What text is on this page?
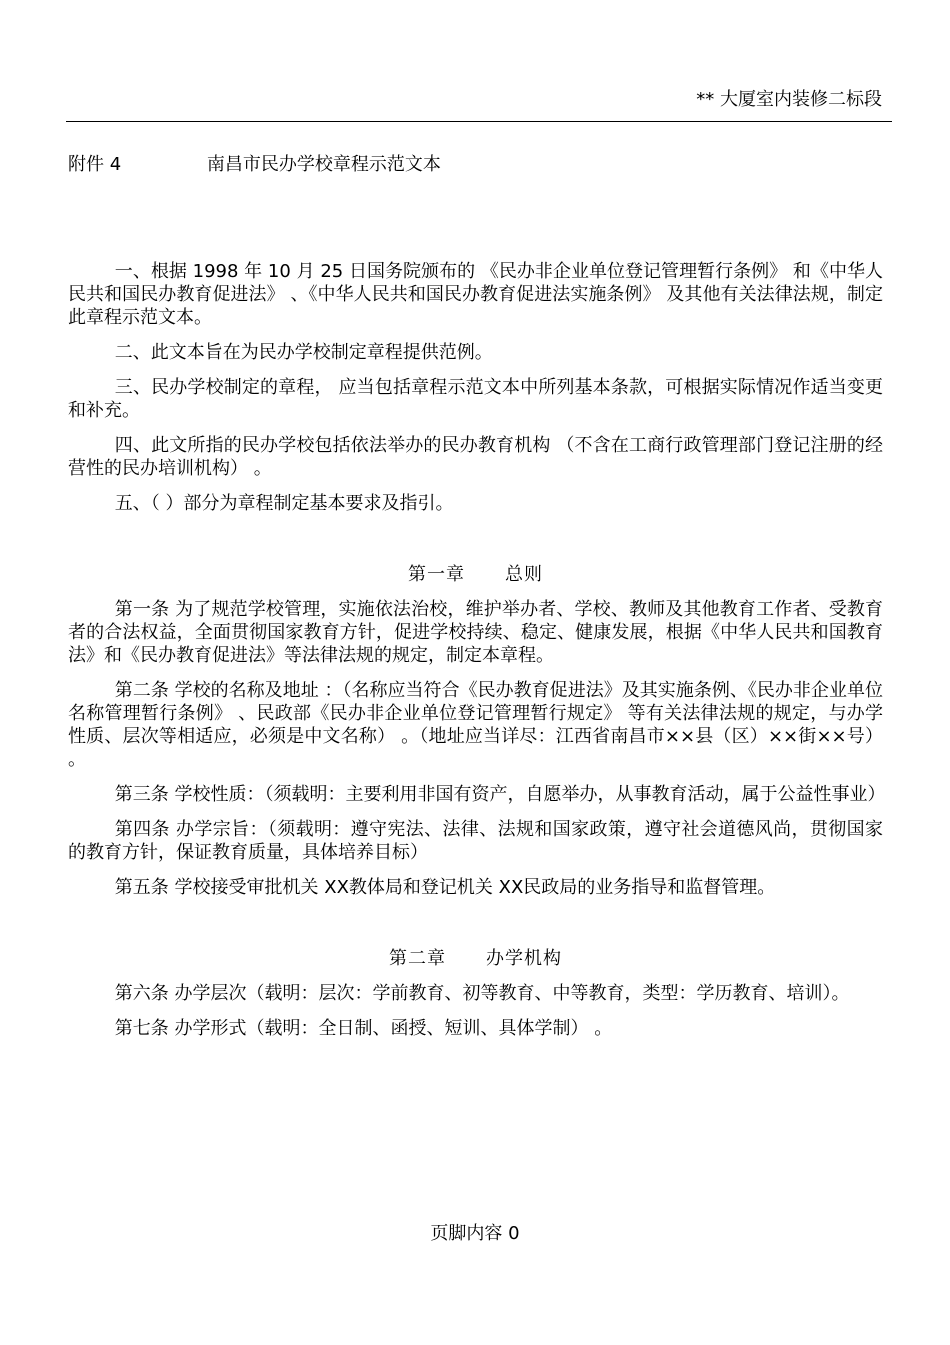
** 大厦室内装修二标段
附件 4	南昌市民办学校章程示范文本

一、根据 1998 年 10 月 25 日国务院颁布的 《民办非企业单位登记管理暂行条例》 和《中华人民共和国民办教育促进法》 、《中华人民共和国民办教育促进法实施条例》 及其他有关法律法规，制定此章程示范文本。

二、此文本旨在为民办学校制定章程提供范例。

三、民办学校制定的章程， 应当包括章程示范文本中所列基本条款，可根据实际情况作适当变更和补充。

四、此文所指的民办学校包括依法举办的民办教育机构 （不含在工商行政管理部门登记注册的经营性的民办培训机构） 。

五、（ ）部分为章程制定基本要求及指引。

第一章 总则

第一条 为了规范学校管理，实施依法治校，维护举办者、学校、教师及其他教育工作者、受教育者的合法权益，全面贯彻国家教育方针，促进学校持续、稳定、健康发展，根据《中华人民共和国教育法》和《民办教育促进法》等法律法规的规定，制定本章程。

第二条 学校的名称及地址 ：（名称应当符合《民办教育促进法》及其实施条例、《民办非企业单位名称管理暂行条例》 、民政部《民办非企业单位登记管理暂行规定》 等有关法律法规的规定，与办学性质、层次等相适应，必须是中文名称） 。（地址应当详尽：江西省南昌市××县（区）××街××号） 。

第三条 学校性质：（须载明：主要利用非国有资产，自愿举办，从事教育活动，属于公益性事业）

第四条 办学宗旨：（须载明：遵守宪法、法律、法规和国家政策，遵守社会道德风尚，贯彻国家的教育方针，保证教育质量，具体培养目标）

第五条 学校接受审批机关 XX教体局和登记机关 XX民政局的业务指导和监督管理。

第二章 办学机构

第六条 办学层次（载明：层次：学前教育、初等教育、中等教育，类型：学历教育、培训）。

第七条 办学形式（载明：全日制、函授、短训、具体学制） 。

页脚内容 0
